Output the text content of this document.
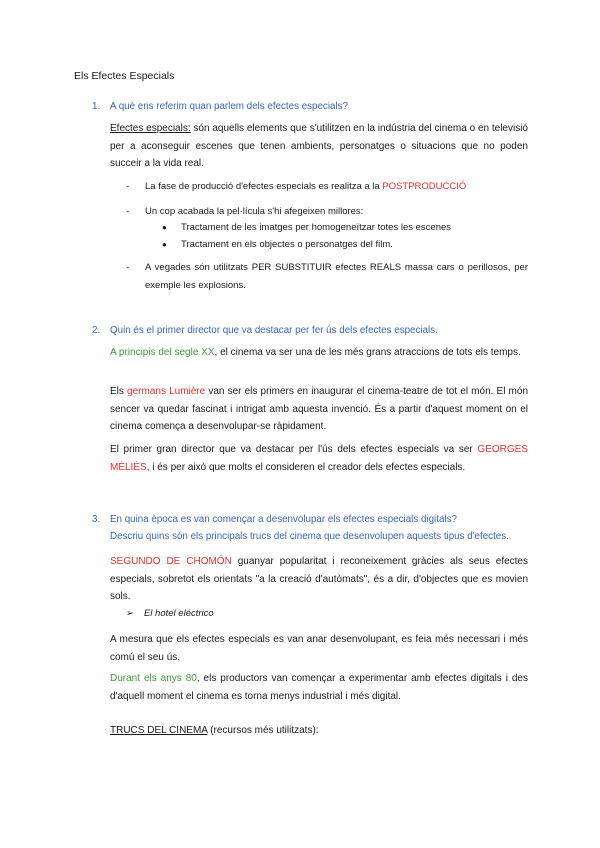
Els Efectes Especials
1. A què ens referim quan parlem dels efectes especials?
Efectes especials: són aquells elements que s'utilitzen en la indústria del cinema o en televisió per a aconseguir escenes que tenen ambients, personatges o situacions que no poden succeir a la vida real.
- La fase de producció d'efectes especials es realitza a la POSTPRODUCCIÓ
- Un cop acabada la pel·lícula s'hi afegeixen millores:
● Tractament de les imatges per homogeneïtzar totes les escenes
● Tractament en els objectes o personatges del film.
- A vegades són utilitzats PER SUBSTITUIR efectes REALS massa cars o perillosos, per exemple les explosions.
2. Quin és el primer director que va destacar per fer ús dels efectes especials.
A principis del segle XX, el cinema va ser una de les més grans atraccions de tots els temps.
Els germans Lumière van ser els primers en inaugurar el cinema-teatre de tot el món. El món sencer va quedar fascinat i intrigat amb aquesta invenció. És a partir d'aquest moment on el cinema comença a desenvolupar-se ràpidament.
El primer gran director que va destacar per l'ús dels efectes especials va ser GEORGES MÉLIÈS, i és per això que molts el consideren el creador dels efectes especials.
3. En quina època es van començar a desenvolupar els efectes especials digitals?
Descriu quins són els principals trucs del cinema que desenvolupen aquests tipus d'efectes.
SEGUNDO DE CHOMÓN guanyar popularitat i reconeixement gràcies als seus efectes especials, sobretot els orientats "a la creació d'autòmats", és a dir, d'objectes que es movien sols.
➢ El hotel eléctrico
A mesura que els efectes especials es van anar desenvolupant, es feia més necessari i més comú el seu ús.
Durant els anys 80, els productors van començar a experimentar amb efectes digitals i des d'aquell moment el cinema es torna menys industrial i més digital.
TRUCS DEL CINEMA (recursos més utilitzats):
